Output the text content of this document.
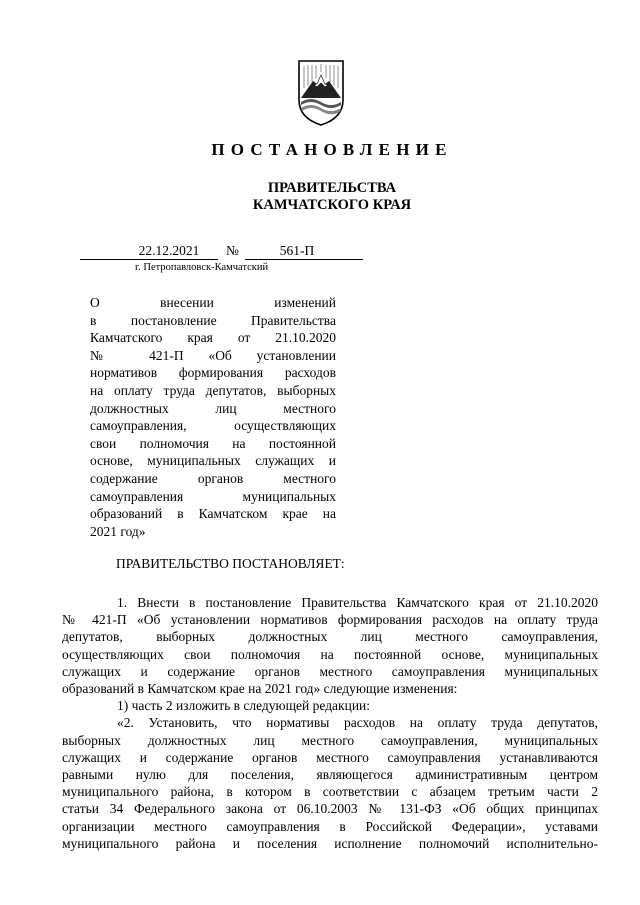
ПОСТАНОВЛЕНИЕ
ПРАВИТЕЛЬСТВА
КАМЧАТСКОГО КРАЯ
22.12.2021	№	561-П
г. Петропавловск-Камчатский
О внесении изменений
в постановление Правительства
Камчатского края от 21.10.2020
№ 421-П «Об установлении
нормативов формирования расходов
на оплату труда депутатов, выборных
должностных лиц местного
самоуправления, осуществляющих
свои полномочия на постоянной
основе, муниципальных служащих и
содержание органов местного
самоуправления муниципальных
образований в Камчатском крае на
2021 год»
ПРАВИТЕЛЬСТВО ПОСТАНОВЛЯЕТ:
1. Внести в постановление Правительства Камчатского края от 21.10.2020
№ 421-П «Об установлении нормативов формирования расходов на оплату труда
депутатов, выборных должностных лиц местного самоуправления,
осуществляющих свои полномочия на постоянной основе, муниципальных
служащих и содержание органов местного самоуправления муниципальных
образований в Камчатском крае на 2021 год» следующие изменения:
1) часть 2 изложить в следующей редакции:
«2. Установить, что нормативы расходов на оплату труда депутатов,
выборных должностных лиц местного самоуправления, муниципальных
служащих и содержание органов местного самоуправления устанавливаются
равными нулю для поселения, являющегося административным центром
муниципального района, в котором в соответствии с абзацем третьим части 2
статьи 34 Федерального закона от 06.10.2003 № 131-ФЗ «Об общих принципах
организации местного самоуправления в Российской Федерации», уставами
муниципального района и поселения исполнение полномочий исполнительно-
